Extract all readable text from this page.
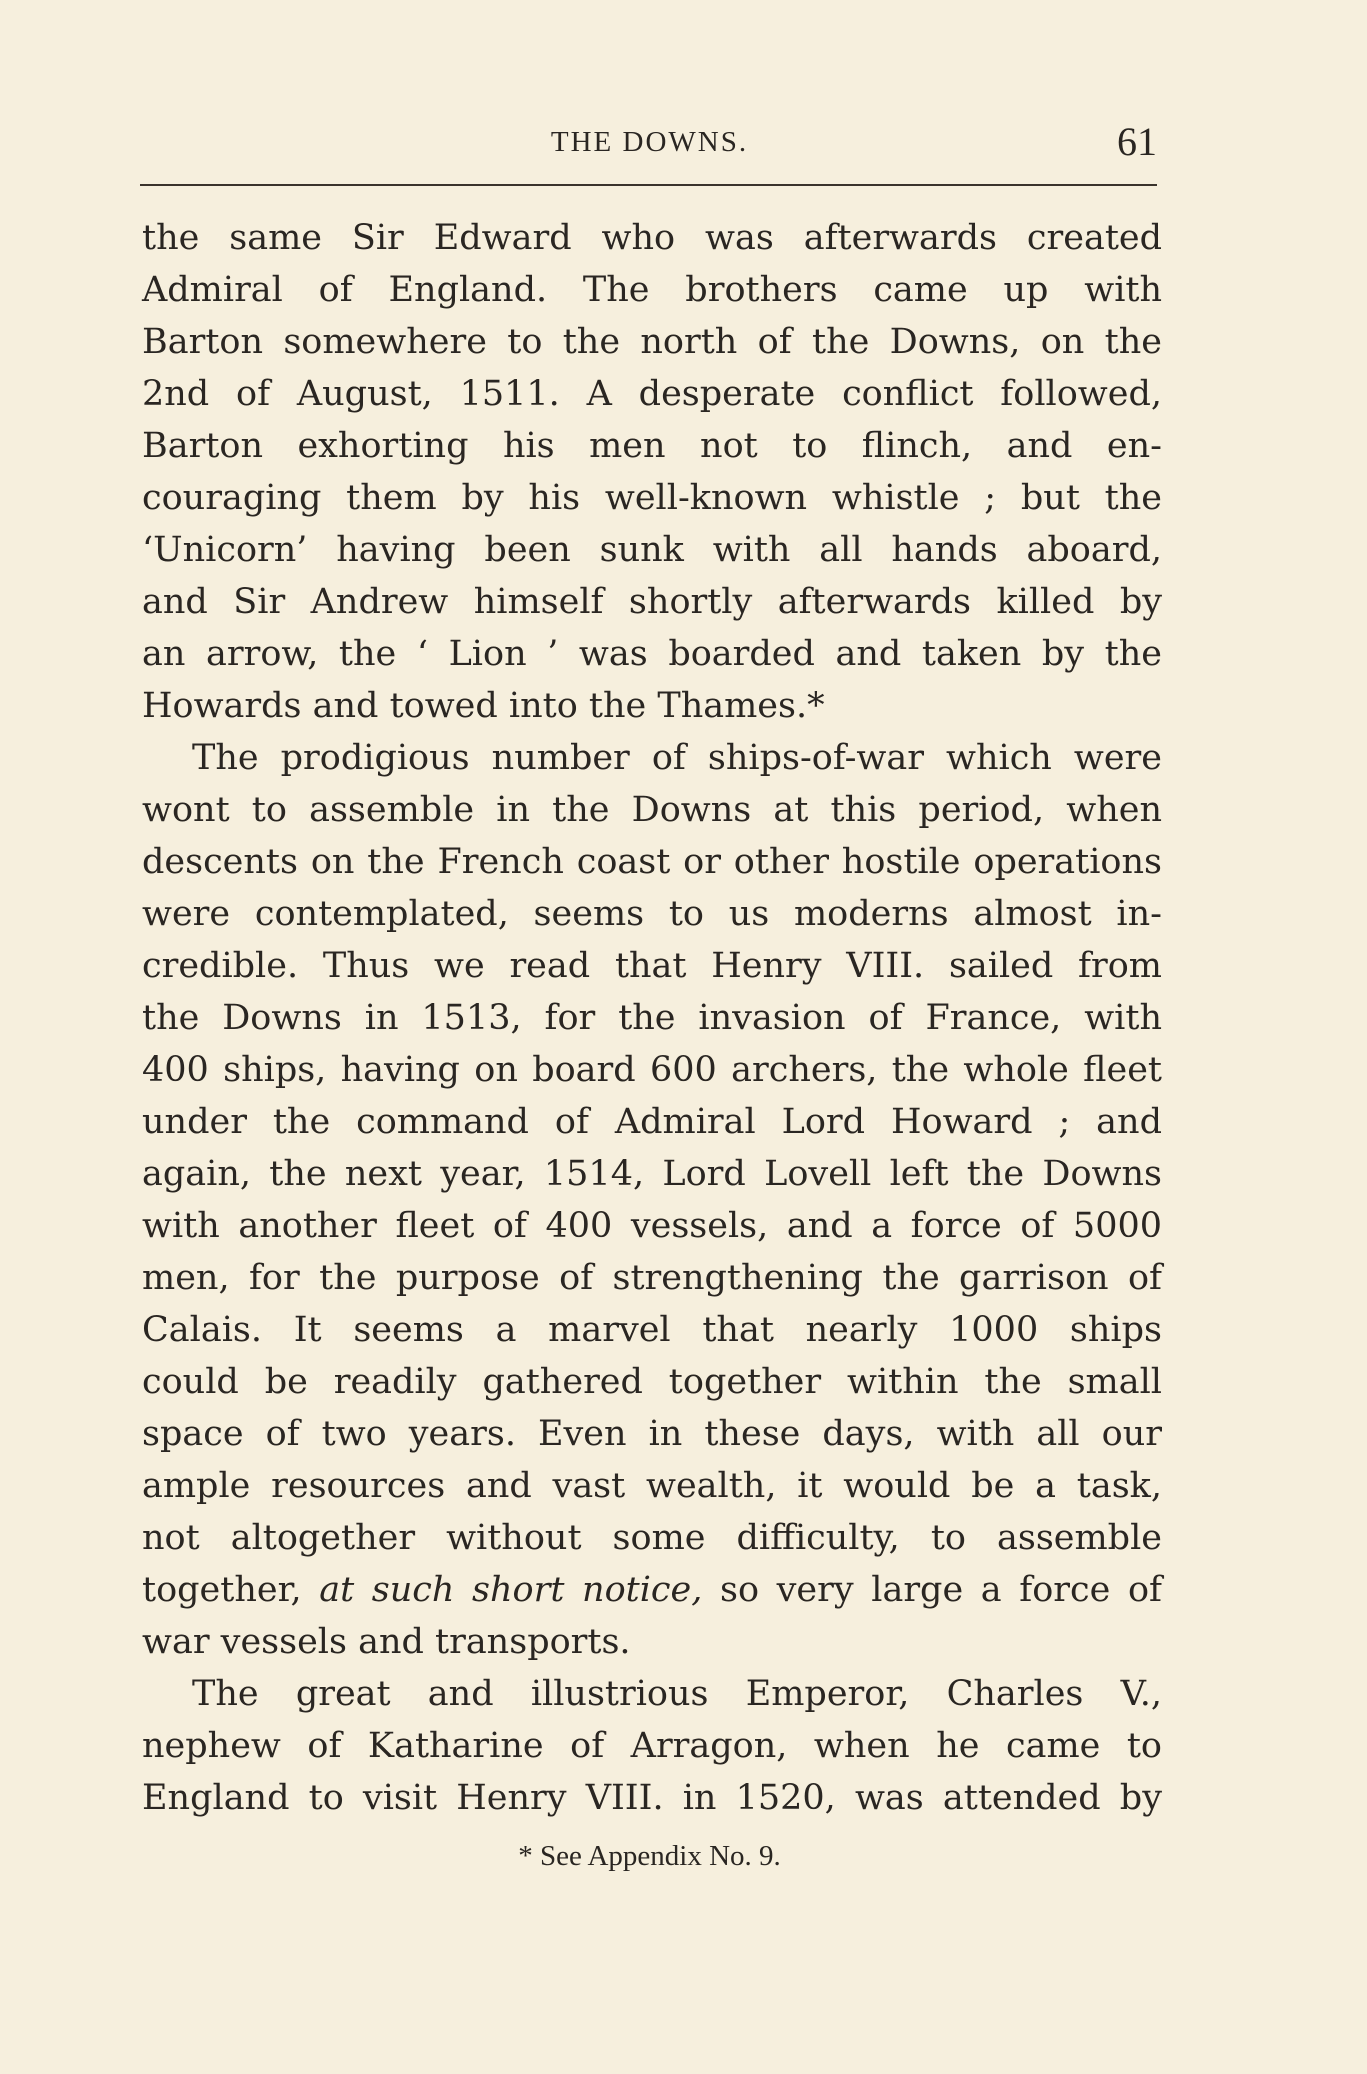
THE DOWNS.	61
the same Sir Edward who was afterwards created
Admiral of England. The brothers came up with
Barton somewhere to the north of the Downs, on the
2nd of August, 1511. A desperate conflict followed,
Barton exhorting his men not to flinch, and en-
couraging them by his well-known whistle ; but the
‘Unicorn’ having been sunk with all hands aboard,
and Sir Andrew himself shortly afterwards killed by
an arrow, the ‘ Lion ’ was boarded and taken by the
Howards and towed into the Thames.*
The prodigious number of ships-of-war which were
wont to assemble in the Downs at this period, when
descents on the French coast or other hostile operations
were contemplated, seems to us moderns almost in-
credible. Thus we read that Henry VIII. sailed from
the Downs in 1513, for the invasion of France, with
400 ships, having on board 600 archers, the whole fleet
under the command of Admiral Lord Howard ; and
again, the next year, 1514, Lord Lovell left the Downs
with another fleet of 400 vessels, and a force of 5000
men, for the purpose of strengthening the garrison of
Calais. It seems a marvel that nearly 1000 ships
could be readily gathered together within the small
space of two years. Even in these days, with all our
ample resources and vast wealth, it would be a task,
not altogether without some difficulty, to assemble
together, at such short notice, so very large a force of
war vessels and transports.
The great and illustrious Emperor, Charles V.,
nephew of Katharine of Arragon, when he came to
England to visit Henry VIII. in 1520, was attended by
* See Appendix No. 9.
